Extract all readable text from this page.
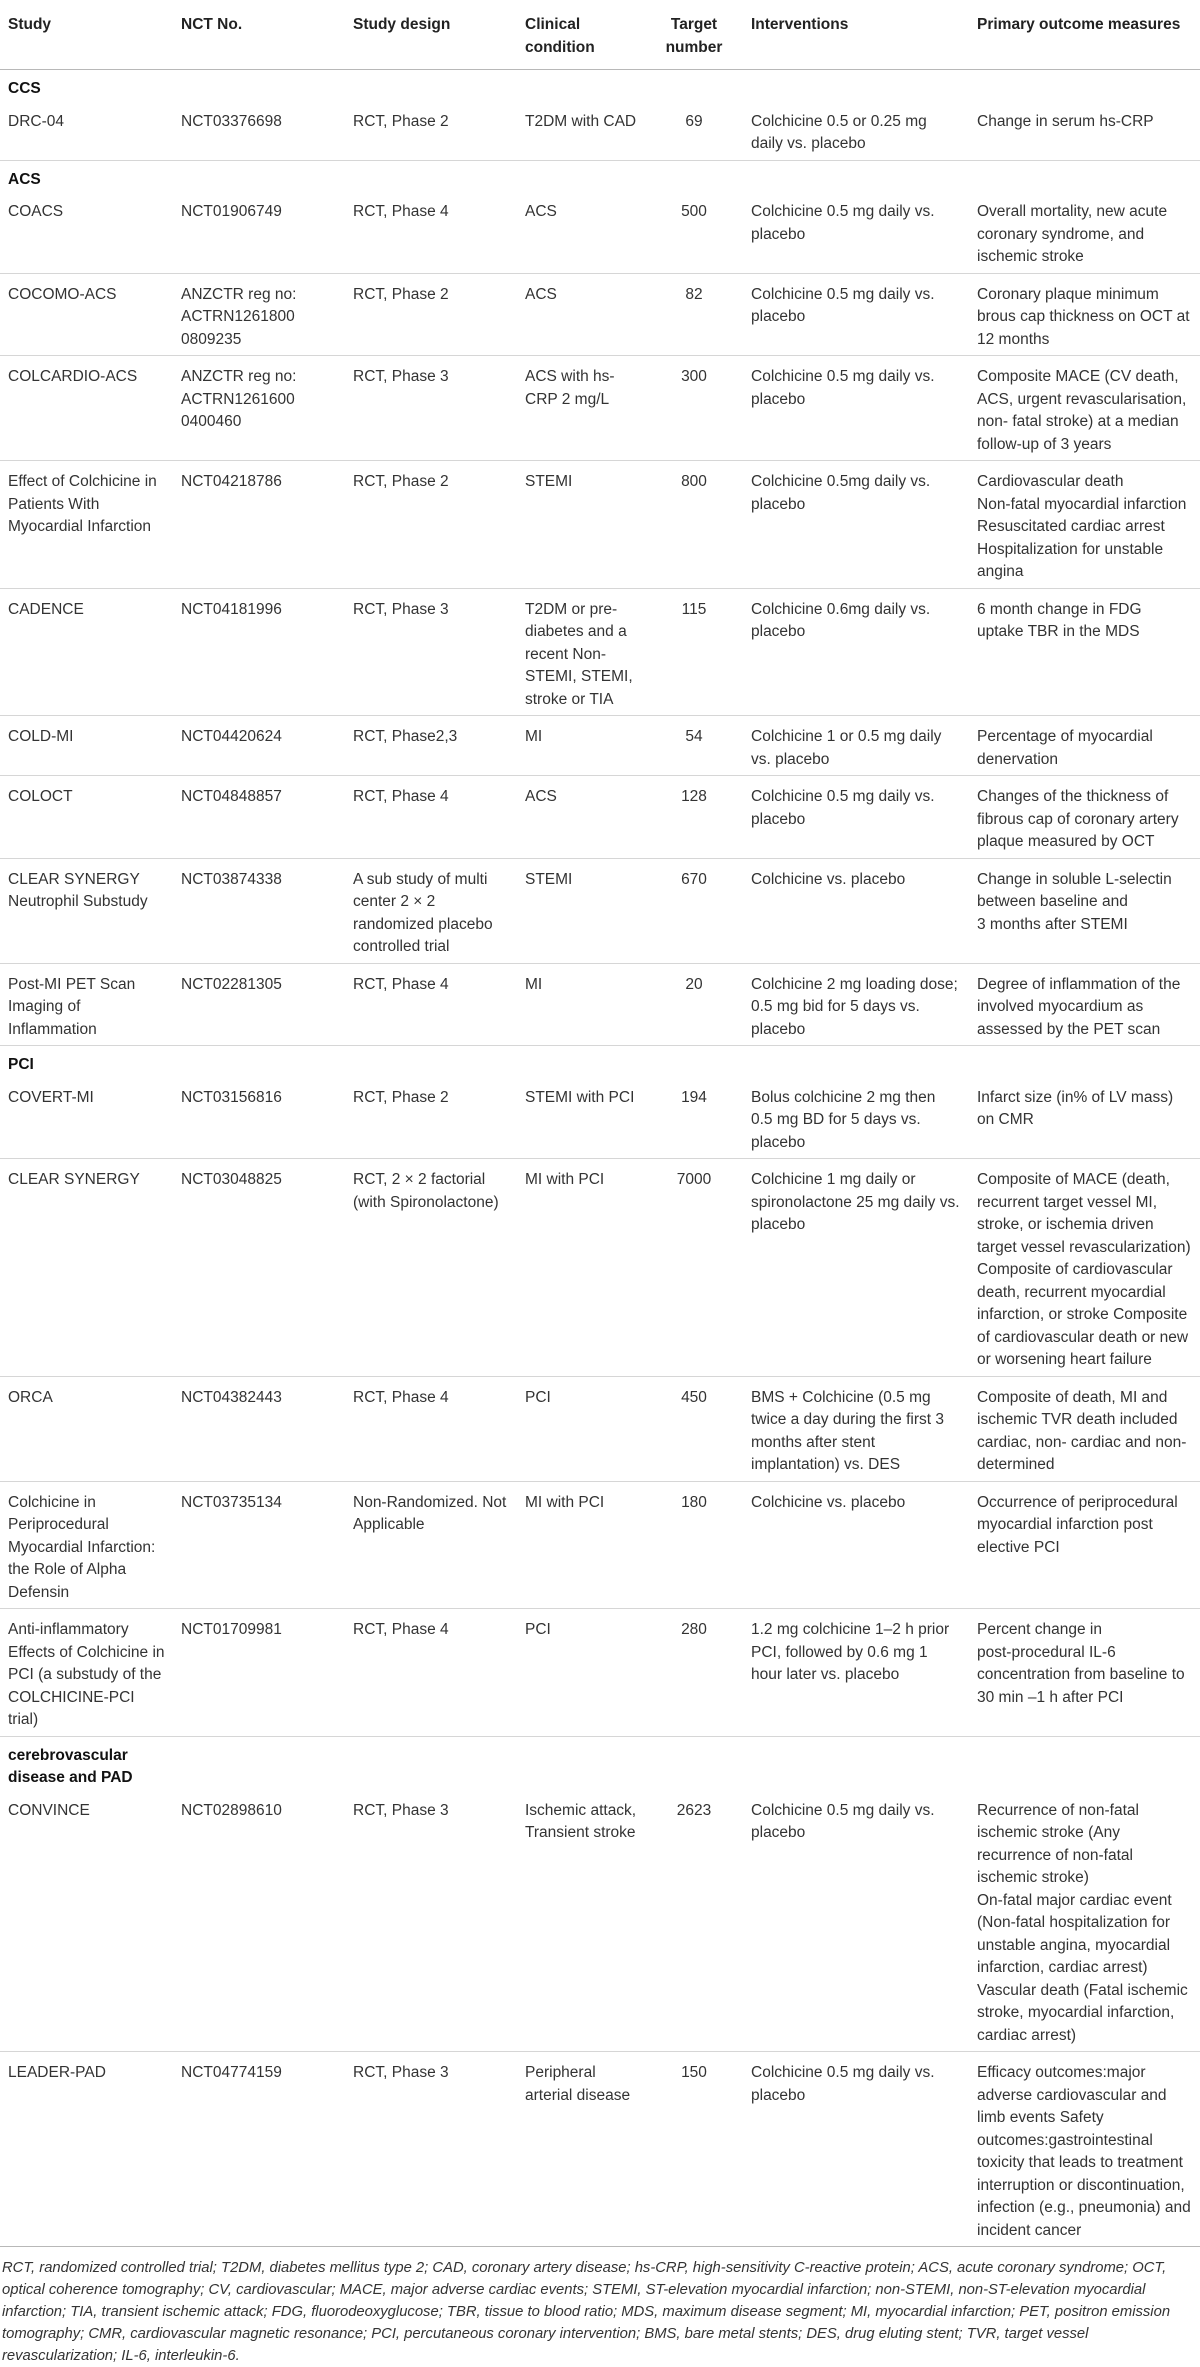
Study	NCT No.	Study design	Clinical condition	Target number	Interventions	Primary outcome measures
CCS						
DRC-04	NCT03376698	RCT, Phase 2	T2DM with CAD	69	Colchicine 0.5 or 0.25 mg daily vs. placebo	Change in serum hs-CRP
ACS						
COACS	NCT01906749	RCT, Phase 4	ACS	500	Colchicine 0.5 mg daily vs. placebo	Overall mortality, new acute coronary syndrome, and ischemic stroke
COCOMO-ACS	ANZCTR reg no: ACTRN1261800 0809235	RCT, Phase 2	ACS	82	Colchicine 0.5 mg daily vs. placebo	Coronary plaque minimum brous cap thickness on OCT at 12 months
COLCARDIO-ACS	ANZCTR reg no: ACTRN1261600 0400460	RCT, Phase 3	ACS with hs-CRP 2 mg/L	300	Colchicine 0.5 mg daily vs. placebo	Composite MACE (CV death, ACS, urgent revascularisation, non- fatal stroke) at a median follow-up of 3 years
Effect of Colchicine in Patients With Myocardial Infarction	NCT04218786	RCT, Phase 2	STEMI	800	Colchicine 0.5mg daily vs. placebo	Cardiovascular death
Non-fatal myocardial infarction
Resuscitated cardiac arrest
Hospitalization for unstable angina

CADENCE	NCT04181996	RCT, Phase 3	T2DM or pre-diabetes and a recent Non-STEMI, STEMI, stroke or TIA	115	Colchicine 0.6mg daily vs. placebo	6 month change in FDG uptake TBR in the MDS
COLD-MI	NCT04420624	RCT, Phase2,3	MI	54	Colchicine 1 or 0.5 mg daily vs. placebo	Percentage of myocardial denervation
COLOCT	NCT04848857	RCT, Phase 4	ACS	128	Colchicine 0.5 mg daily vs. placebo	Changes of the thickness of fibrous cap of coronary artery plaque measured by OCT
CLEAR SYNERGY Neutrophil Substudy	NCT03874338	A sub study of multi center 2 × 2 randomized placebo controlled trial	STEMI	670	Colchicine vs. placebo	Change in soluble L-selectin between baseline and
3 months after STEMI

Post-MI PET Scan Imaging of Inflammation	NCT02281305	RCT, Phase 4	MI	20	Colchicine 2 mg loading dose; 0.5 mg bid for 5 days vs. placebo	Degree of inflammation of the involved myocardium as assessed by the PET scan
PCI						
COVERT-MI	NCT03156816	RCT, Phase 2	STEMI with PCI	194	Bolus colchicine 2 mg then 0.5 mg BD for 5 days vs. placebo	Infarct size (in% of LV mass) on CMR
CLEAR SYNERGY	NCT03048825	RCT, 2 × 2 factorial (with Spironolactone)	MI with PCI	7000	Colchicine 1 mg daily or spironolactone 25 mg daily vs. placebo	Composite of MACE (death, recurrent target vessel MI, stroke, or ischemia driven target vessel revascularization)
Composite of cardiovascular death, recurrent myocardial infarction, or stroke Composite of cardiovascular death or new or worsening heart failure

ORCA	NCT04382443	RCT, Phase 4	PCI	450	BMS + Colchicine (0.5 mg twice a day during the first 3 months after stent implantation) vs. DES	Composite of death, MI and ischemic TVR death included cardiac, non- cardiac and non-determined
Colchicine in Periprocedural Myocardial Infarction: the Role of Alpha Defensin	NCT03735134	Non-Randomized. Not Applicable	MI with PCI	180	Colchicine vs. placebo	Occurrence of periprocedural myocardial infarction post elective PCI
Anti-inflammatory Effects of Colchicine in PCI (a substudy of the COLCHICINE-PCI trial)	NCT01709981	RCT, Phase 4	PCI	280	1.2 mg colchicine 1–2 h prior PCI, followed by 0.6 mg 1 hour later vs. placebo	Percent change in
post-procedural IL-6 concentration from baseline to 30 min –1 h after PCI

cerebrovascular disease and PAD						
CONVINCE	NCT02898610	RCT, Phase 3	Ischemic attack, Transient stroke	2623	Colchicine 0.5 mg daily vs. placebo	Recurrence of non-fatal ischemic stroke (Any recurrence of non-fatal ischemic stroke)
On-fatal major cardiac event (Non-fatal hospitalization for unstable angina, myocardial infarction, cardiac arrest)
Vascular death (Fatal ischemic stroke, myocardial infarction, cardiac arrest)

LEADER-PAD	NCT04774159	RCT, Phase 3	Peripheral arterial disease	150	Colchicine 0.5 mg daily vs. placebo	Efficacy outcomes:major adverse cardiovascular and limb events Safety outcomes:gastrointestinal toxicity that leads to treatment interruption or discontinuation, infection (e.g., pneumonia) and incident cancer
RCT, randomized controlled trial; T2DM, diabetes mellitus type 2; CAD, coronary artery disease; hs-CRP, high-sensitivity C-reactive protein; ACS, acute coronary syndrome; OCT, optical coherence tomography; CV, cardiovascular; MACE, major adverse cardiac events; STEMI, ST-elevation myocardial infarction; non-STEMI, non-ST-elevation myocardial infarction; TIA, transient ischemic attack; FDG, fluorodeoxyglucose; TBR, tissue to blood ratio; MDS, maximum disease segment; MI, myocardial infarction; PET, positron emission tomography; CMR, cardiovascular magnetic resonance; PCI, percutaneous coronary intervention; BMS, bare metal stents; DES, drug eluting stent; TVR, target vessel revascularization; IL-6, interleukin-6.
